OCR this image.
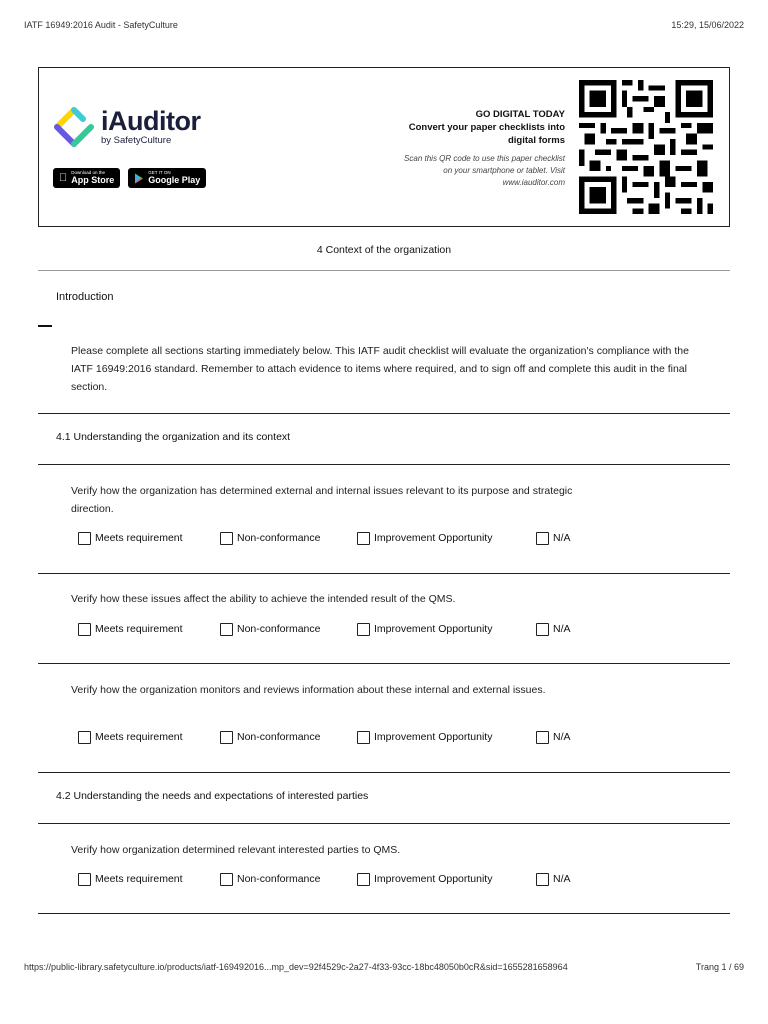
IATF 16949:2016 Audit - SafetyCulture	15:29, 15/06/2022
iAuditor
by SafetyCulture
Download on the
App Store
GET IT ON
Google Play
GO DIGITAL TODAY
Convert your paper checklists into
digital forms
Scan this QR code to use this paper checklist
on your smartphone or tablet. Visit
www.iauditor.com
4 Context of the organization
Introduction
Please complete all sections starting immediately below. This IATF audit checklist will evaluate the organization's compliance with the IATF 16949:2016 standard. Remember to attach evidence to items where required, and to sign off and complete this audit in the final section.
4.1 Understanding the organization and its context
Verify how the organization has determined external and internal issues relevant to its purpose and strategic direction.
Meets requirement	Non-conformance	Improvement Opportunity	N/A
Verify how these issues affect the ability to achieve the intended result of the QMS.
Meets requirement	Non-conformance	Improvement Opportunity	N/A
Verify how the organization monitors and reviews information about these internal and external issues.
Meets requirement	Non-conformance	Improvement Opportunity	N/A
4.2 Understanding the needs and expectations of interested parties
Verify how organization determined relevant interested parties to QMS.
Meets requirement	Non-conformance	Improvement Opportunity	N/A
https://public-library.safetyculture.io/products/iatf-169492016...mp_dev=92f4529c-2a27-4f33-93cc-18bc48050b0cR&sid=1655281658964	Trang 1 / 69
